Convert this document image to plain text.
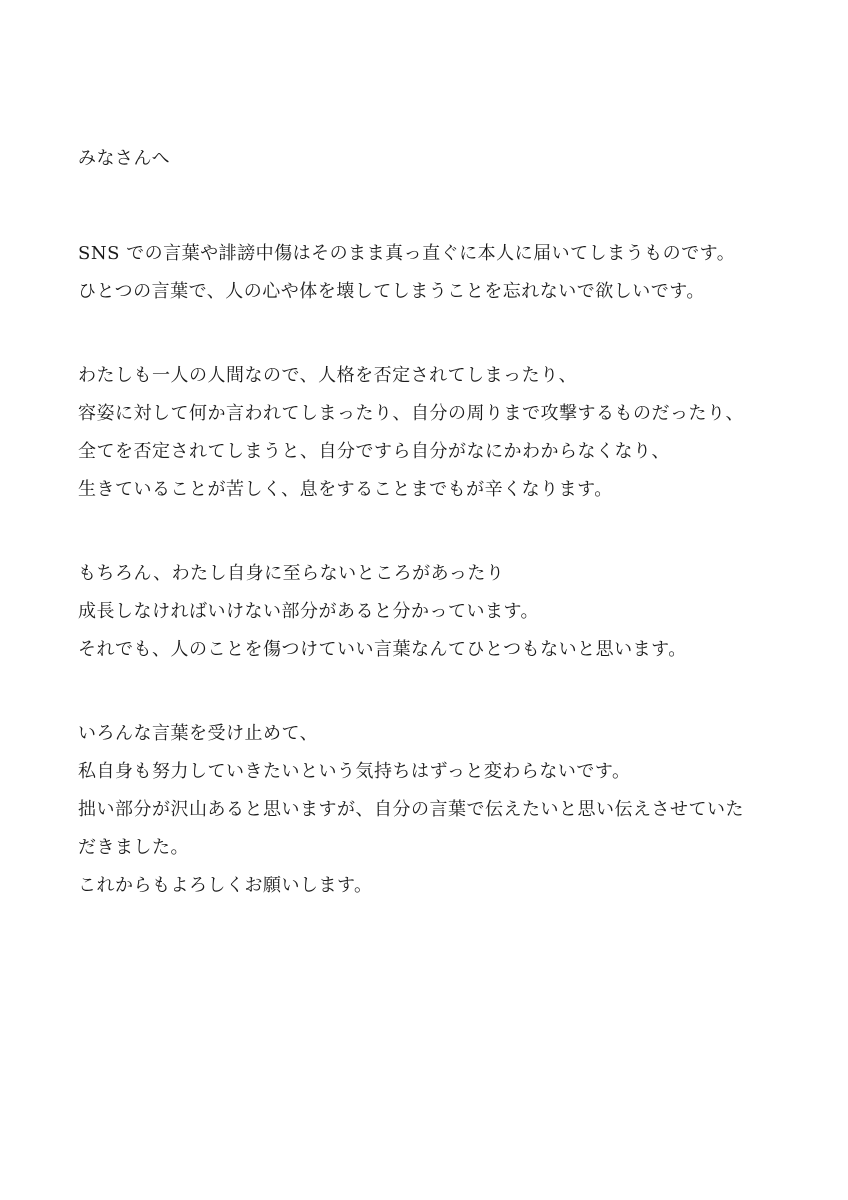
みなさんへ
SNS での言葉や誹謗中傷はそのまま真っ直ぐに本人に届いてしまうものです。
ひとつの言葉で、人の心や体を壊してしまうことを忘れないで欲しいです。
わたしも一人の人間なので、人格を否定されてしまったり、
容姿に対して何か言われてしまったり、自分の周りまで攻撃するものだったり、
全てを否定されてしまうと、自分ですら自分がなにかわからなくなり、
生きていることが苦しく、息をすることまでもが辛くなります。
もちろん、わたし自身に至らないところがあったり
成長しなければいけない部分があると分かっています。
それでも、人のことを傷つけていい言葉なんてひとつもないと思います。
いろんな言葉を受け止めて、
私自身も努力していきたいという気持ちはずっと変わらないです。
拙い部分が沢山あると思いますが、自分の言葉で伝えたいと思い伝えさせていた
だきました。
これからもよろしくお願いします。
